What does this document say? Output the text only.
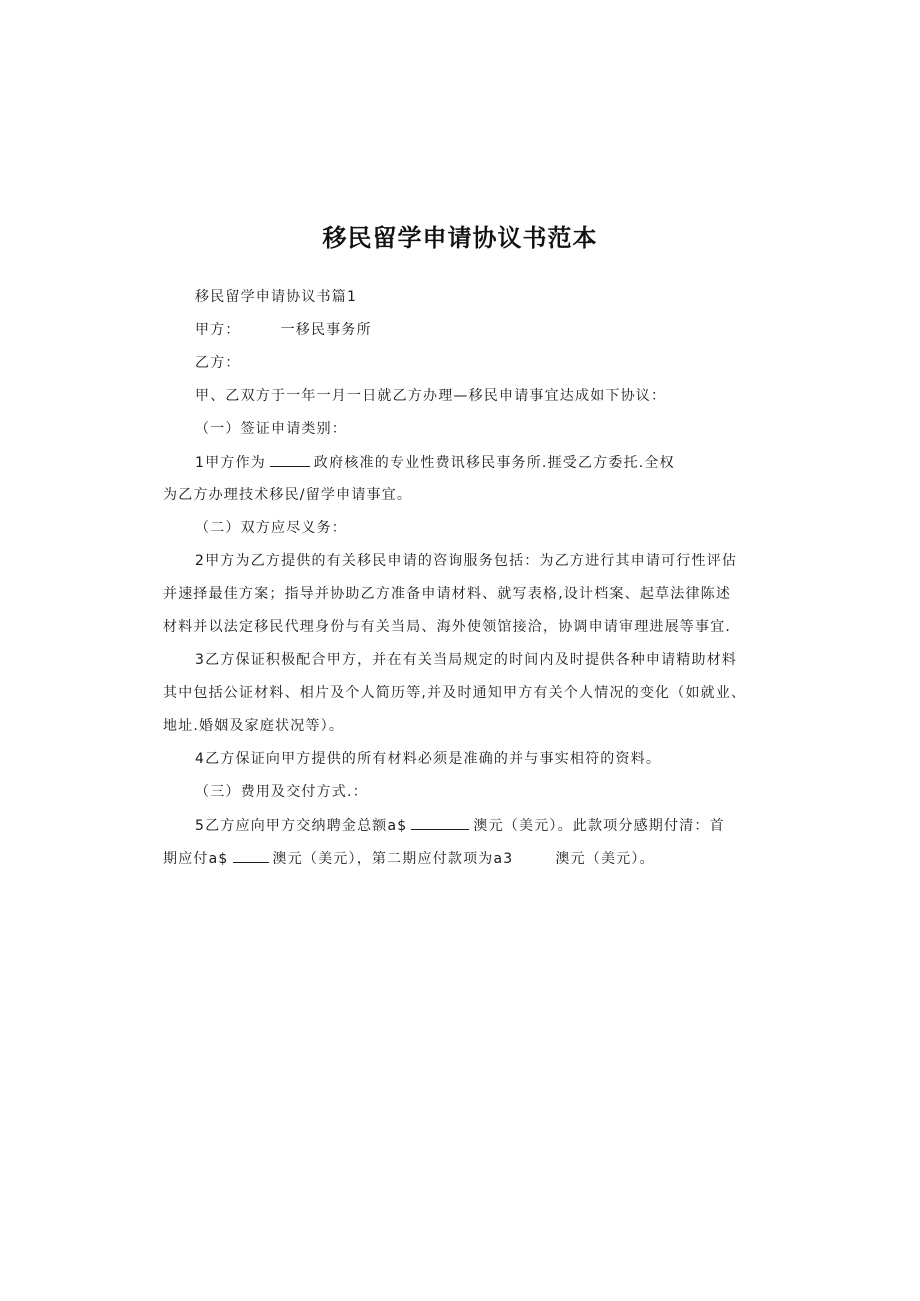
移民留学申请协议书范本
移民留学申请协议书篇1
甲方：	一移民事务所
乙方：
甲、乙双方于一年一月一日就乙方办理—移民申请事宜达成如下协议：
（一）签证申请类别：
1甲方作为	政府核准的专业性费讯移民事务所.捱受乙方委托.全权
为乙方办理技术移民/留学申请事宜。
（二）双方应尽义务：
2甲方为乙方提供的有关移民申请的咨询服务包括：为乙方进行其申请可行性评估
并速择最佳方案；指导并协助乙方准备申请材料、就写表格,设计档案、起草法律陈述
材料并以法定移民代理身份与有关当局、海外使领馆接洽，协调申请审理进展等事宜.
3乙方保证积极配合甲方，并在有关当局规定的时间内及时提供各种申请精助材料
其中包括公证材料、相片及个人简历等,并及时通知甲方有关个人情况的变化（如就业、
地址.婚姻及家庭状况等）。
4乙方保证向甲方提供的所有材料必须是准确的并与事实相符的资料。
（三）费用及交付方式.：
5乙方应向甲方交纳聘金总额a$	澳元（美元）。此款项分感期付清：首
期应付a$	澳元（美元），第二期应付款项为a3	澳元（美元）。
